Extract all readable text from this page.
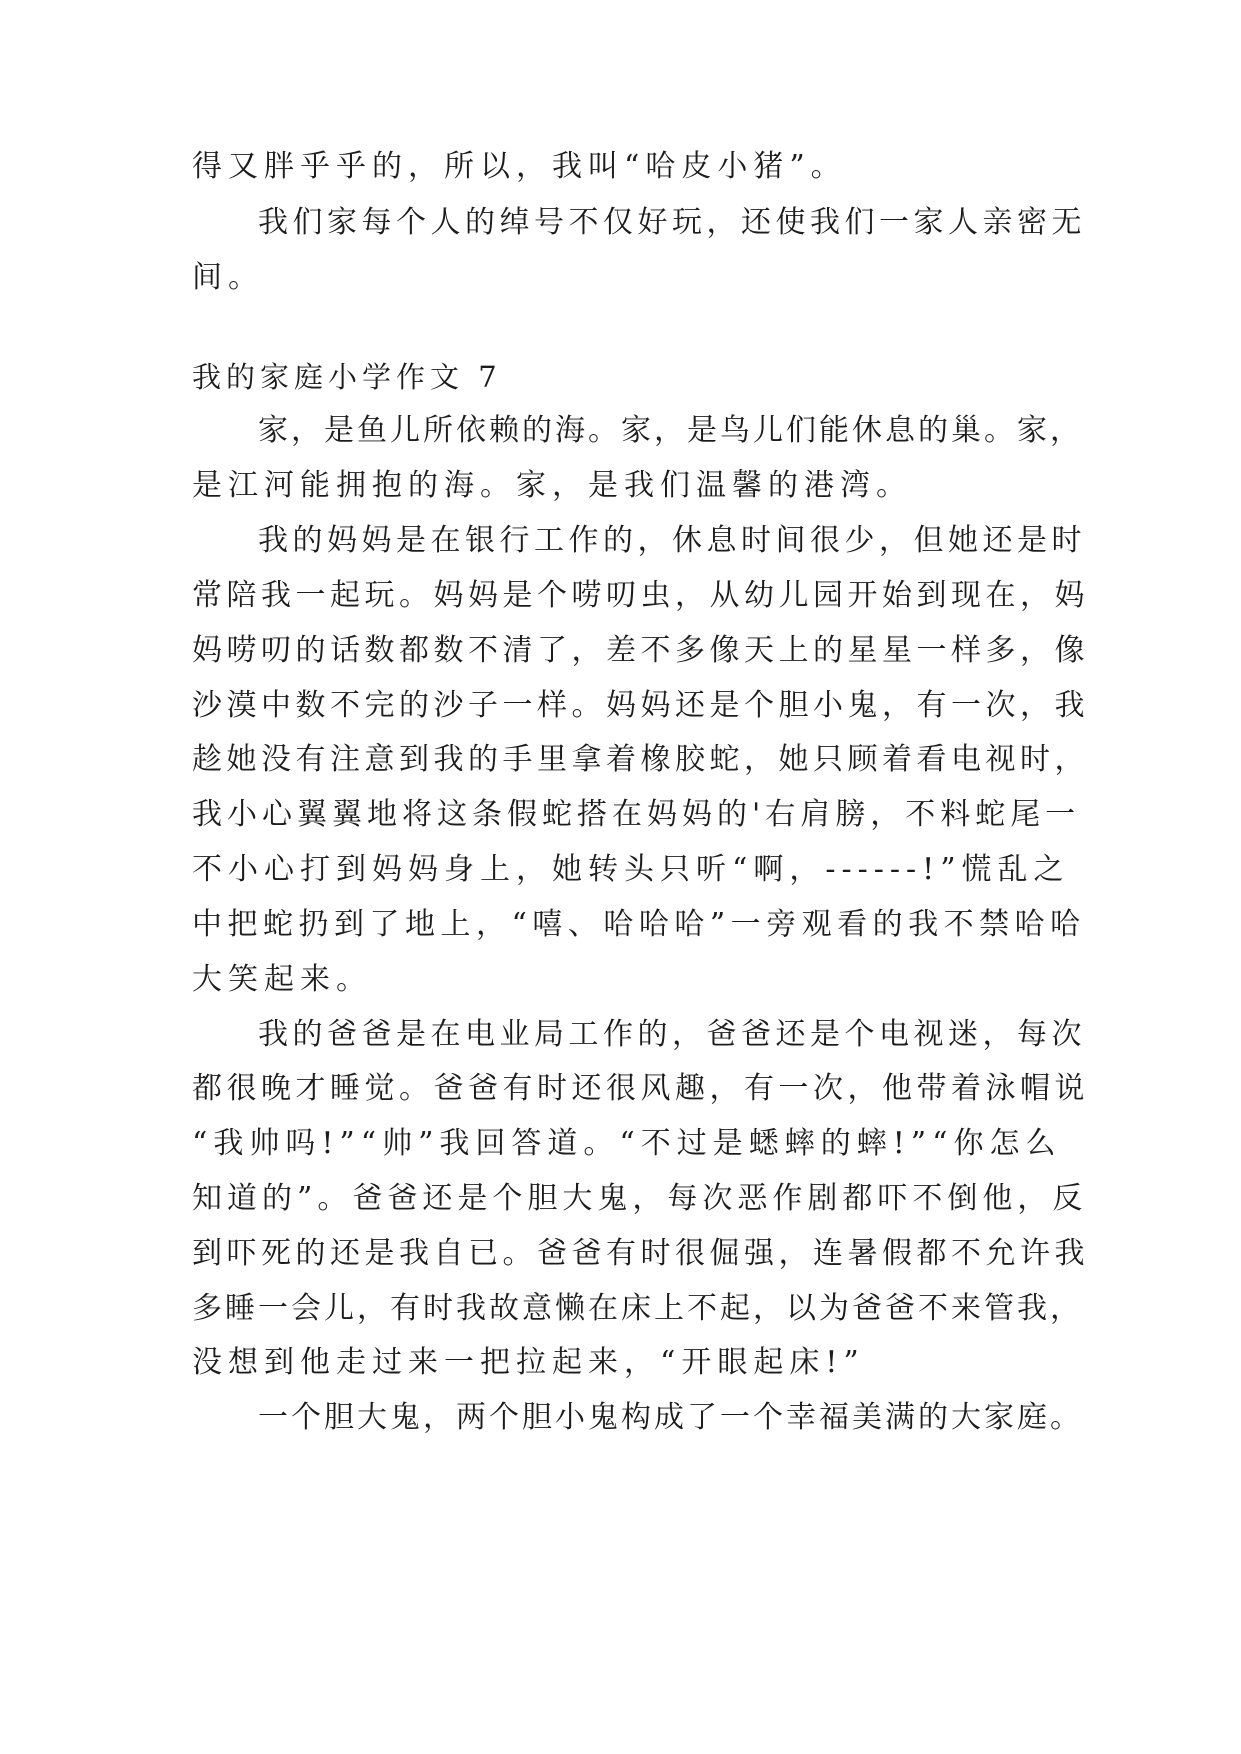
得又胖乎乎的，所以，我叫“哈皮小猪”。

我们家每个人的绰号不仅好玩，还使我们一家人亲密无

间。

我的家庭小学作文 7

家，是鱼儿所依赖的海。家，是鸟儿们能休息的巢。家，

是江河能拥抱的海。家，是我们温馨的港湾。

我的妈妈是在银行工作的，休息时间很少，但她还是时

常陪我一起玩。妈妈是个唠叨虫，从幼儿园开始到现在，妈

妈唠叨的话数都数不清了，差不多像天上的星星一样多，像

沙漠中数不完的沙子一样。妈妈还是个胆小鬼，有一次，我

趁她没有注意到我的手里拿着橡胶蛇，她只顾着看电视时，

我小心翼翼地将这条假蛇搭在妈妈的'右肩膀，不料蛇尾一

不小心打到妈妈身上，她转头只听“啊，------!”慌乱之

中把蛇扔到了地上，“嘻、哈哈哈”一旁观看的我不禁哈哈

大笑起来。

我的爸爸是在电业局工作的，爸爸还是个电视迷，每次

都很晚才睡觉。爸爸有时还很风趣，有一次，他带着泳帽说

“我帅吗!”“帅”我回答道。“不过是蟋蟀的蟀!”“你怎么

知道的”。爸爸还是个胆大鬼，每次恶作剧都吓不倒他，反

到吓死的还是我自已。爸爸有时很倔强，连暑假都不允许我

多睡一会儿，有时我故意懒在床上不起，以为爸爸不来管我，

没想到他走过来一把拉起来，“开眼起床!”

一个胆大鬼，两个胆小鬼构成了一个幸福美满的大家庭。
